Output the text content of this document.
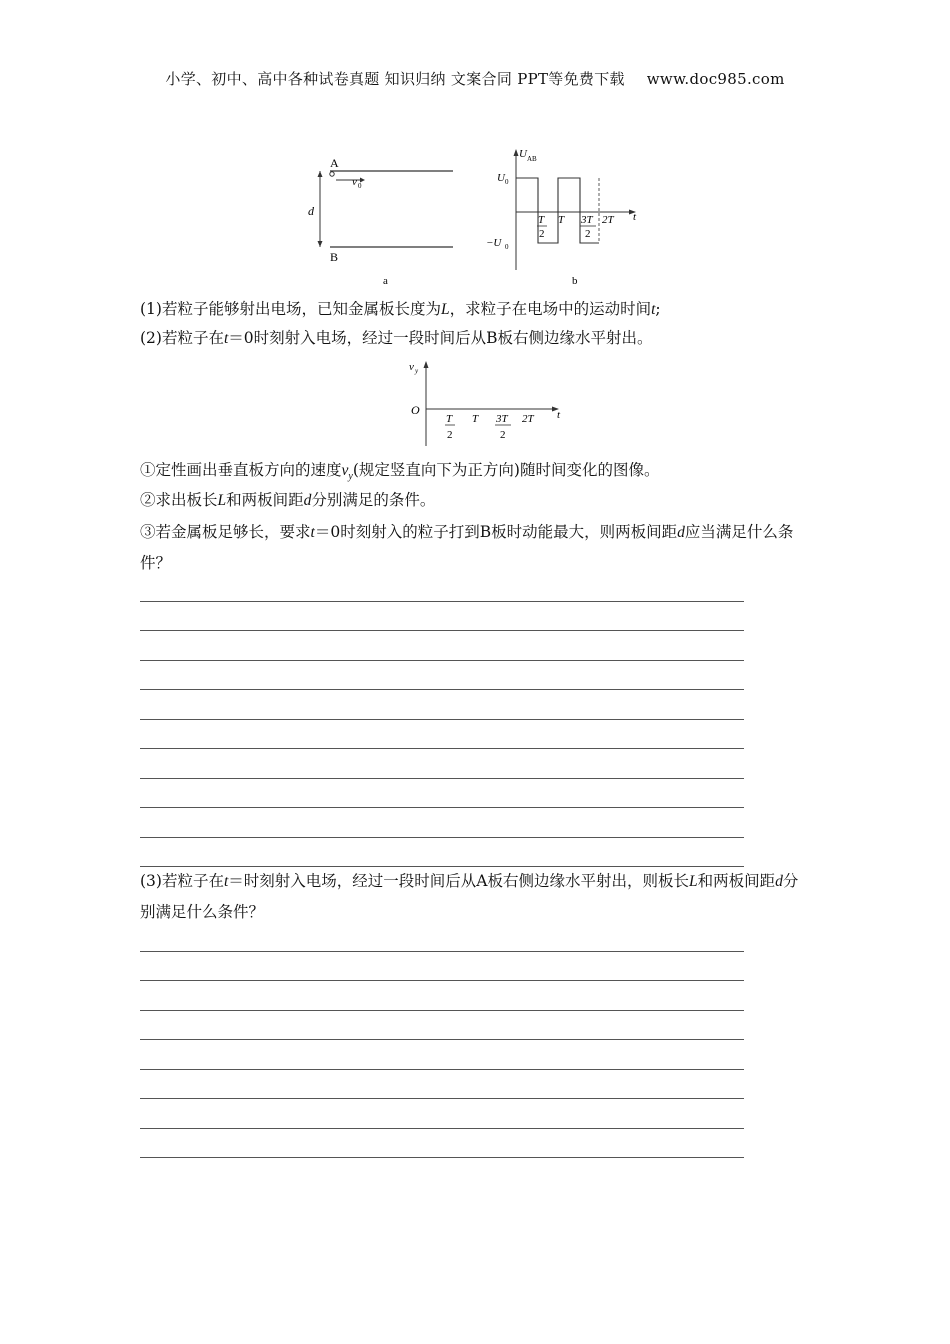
小学、初中、高中各种试卷真题 知识归纳 文案合同 PPT等免费下载 www.doc985.com
A
B
v 0
d
a
U AB
U 0
−U 0
t
T
2
T 3T
2
2T
b
(1)若粒子能够射出电场，已知金属板长度为L，求粒子在电场中的运动时间t;
(2)若粒子在t＝0时刻射入电场，经过一段时间后从B板右侧边缘水平射出。
v y
O	t
T
2
T 3T
2
2T
①定性画出垂直板方向的速度$v_y$(规定竖直向下为正方向)随时间变化的图像。
②求出板长L和两板间距d分别满足的条件。
③若金属板足够长，要求t＝0时刻射入的粒子打到B板时动能最大，则两板间距d应当满足什么条件？
(3)若粒子在t＝时刻射入电场，经过一段时间后从A板右侧边缘水平射出，则板长L和两板间距d分别满足什么条件？
